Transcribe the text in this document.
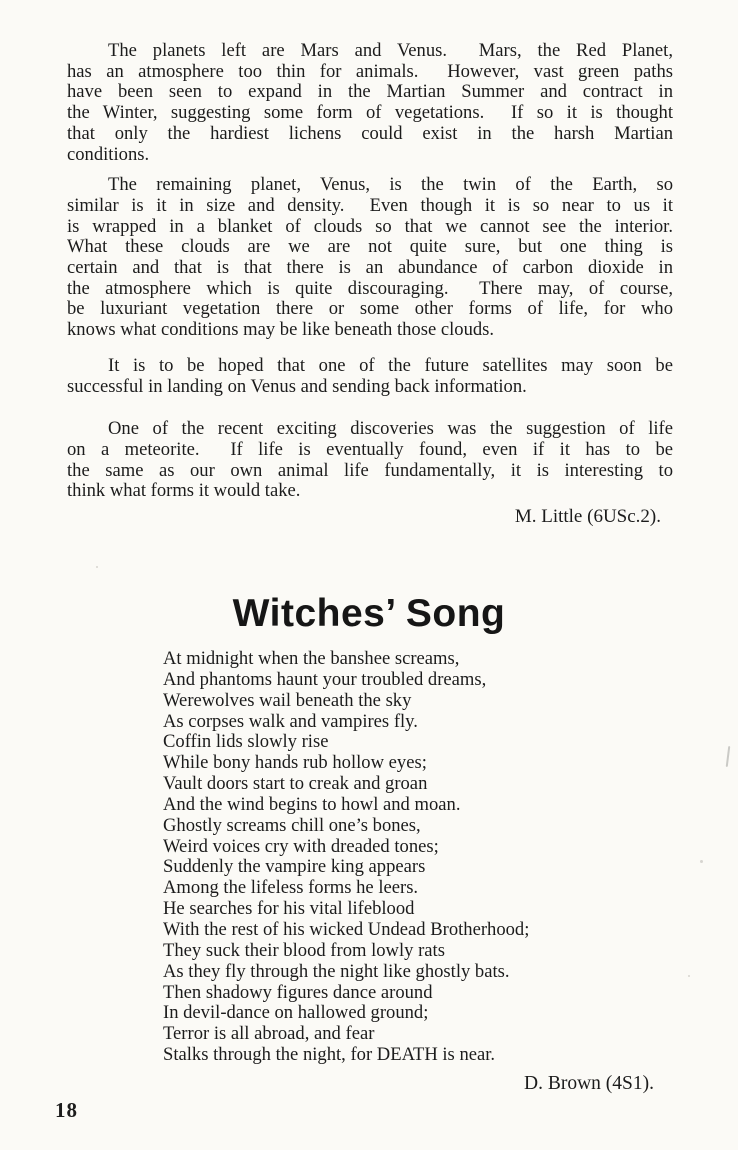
The planets left are Mars and Venus.  Mars, the Red Planet,
has an atmosphere too thin for animals.  However, vast green paths
have been seen to expand in the Martian Summer and contract in
the Winter, suggesting some form of vegetations.  If so it is thought
that only the hardiest lichens could exist in the harsh Martian
conditions.
The remaining planet, Venus, is the twin of the Earth, so
similar is it in size and density.  Even though it is so near to us it
is wrapped in a blanket of clouds so that we cannot see the interior.
What these clouds are we are not quite sure, but one thing is
certain and that is that there is an abundance of carbon dioxide in
the atmosphere which is quite discouraging.  There may, of course,
be luxuriant vegetation there or some other forms of life, for who
knows what conditions may be like beneath those clouds.
It is to be hoped that one of the future satellites may soon be
successful in landing on Venus and sending back information.
One of the recent exciting discoveries was the suggestion of life
on a meteorite.  If life is eventually found, even if it has to be
the same as our own animal life fundamentally, it is interesting to
think what forms it would take.
M. Little (6USc.2).
Witches’ Song
At midnight when the banshee screams,
And phantoms haunt your troubled dreams,
Werewolves wail beneath the sky
As corpses walk and vampires fly.
Coffin lids slowly rise
While bony hands rub hollow eyes;
Vault doors start to creak and groan
And the wind begins to howl and moan.
Ghostly screams chill one’s bones,
Weird voices cry with dreaded tones;
Suddenly the vampire king appears
Among the lifeless forms he leers.
He searches for his vital lifeblood
With the rest of his wicked Undead Brotherhood;
They suck their blood from lowly rats
As they fly through the night like ghostly bats.
Then shadowy figures dance around
In devil-dance on hallowed ground;
Terror is all abroad, and fear
Stalks through the night, for DEATH is near.
D. Brown (4S1).
18
